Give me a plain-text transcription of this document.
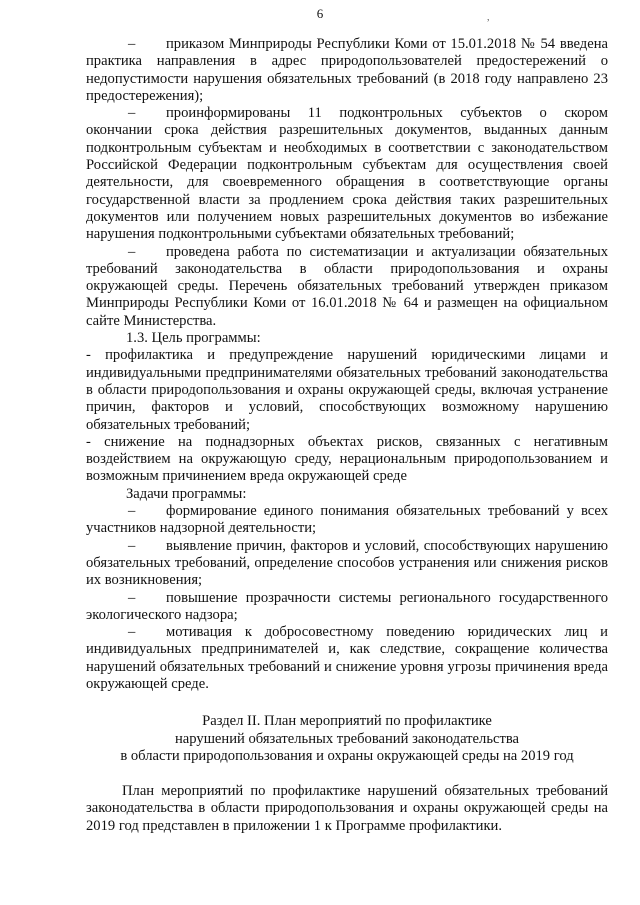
6	,

– приказом Минприроды Республики Коми от 15.01.2018 № 54 введена практика направления в адрес природопользователей предостережений о недопустимости нарушения обязательных требований (в 2018 году направлено 23 предостережения);

– проинформированы 11 подконтрольных субъектов о скором окончании срока действия разрешительных документов, выданных данным подконтрольным субъектам и необходимых в соответствии с законодательством Российской Федерации подконтрольным субъектам для осуществления своей деятельности, для своевременного обращения в соответствующие органы государственной власти за продлением срока действия таких разрешительных документов или получением новых разрешительных документов во избежание нарушения подконтрольными субъектами обязательных требований;

– проведена работа по систематизации и актуализации обязательных требований законодательства в области природопользования и охраны окружающей среды. Перечень обязательных требований утвержден приказом Минприроды Республики Коми от 16.01.2018 № 64 и размещен на официальном сайте Министерства.

1.3. Цель программы:

- профилактика и предупреждение нарушений юридическими лицами и индивидуальными предпринимателями обязательных требований законодательства в области природопользования и охраны окружающей среды, включая устранение причин, факторов и условий, способствующих возможному нарушению обязательных требований;

- снижение на поднадзорных объектах рисков, связанных с негативным воздействием на окружающую среду, нерациональным природопользованием и возможным причинением вреда окружающей среде

Задачи программы:

– формирование единого понимания обязательных требований у всех участников надзорной деятельности;

– выявление причин, факторов и условий, способствующих нарушению обязательных требований, определение способов устранения или снижения рисков их возникновения;

– повышение прозрачности системы регионального государственного экологического надзора;

– мотивация к добросовестному поведению юридических лиц и индивидуальных предпринимателей и, как следствие, сокращение количества нарушений обязательных требований и снижение уровня угрозы причинения вреда окружающей среде.

Раздел II. План мероприятий по профилактике
нарушений обязательных требований законодательства
в области природопользования и охраны окружающей среды на 2019 год

План мероприятий по профилактике нарушений обязательных требований законодательства в области природопользования и охраны окружающей среды на 2019 год представлен в приложении 1 к Программе профилактики.
